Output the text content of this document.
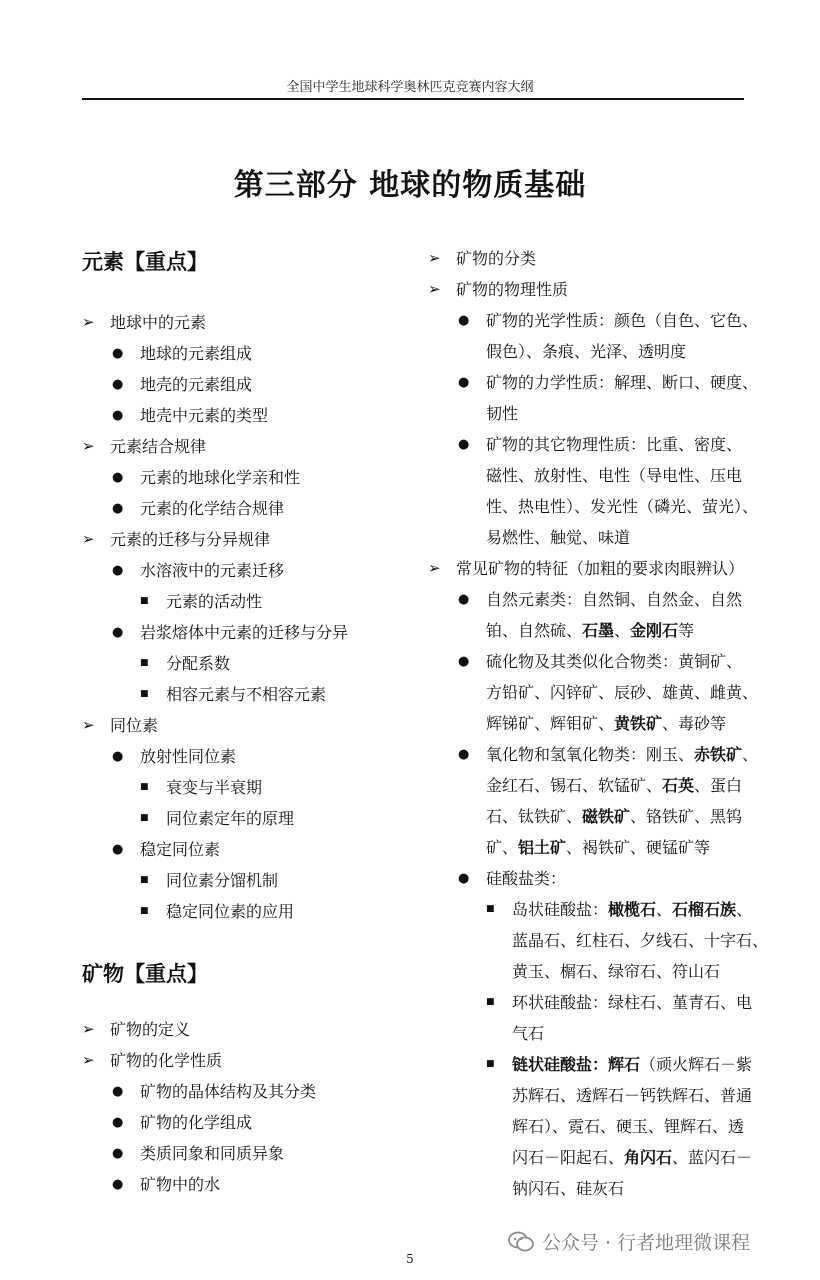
全国中学生地球科学奥林匹克竞赛内容大纲
第三部分 地球的物质基础
元素【重点】
矿物【重点】
➢ 地球中的元素
● 地球的元素组成
● 地壳的元素组成
● 地壳中元素的类型
➢ 元素结合规律
● 元素的地球化学亲和性
● 元素的化学结合规律
➢ 元素的迁移与分异规律
● 水溶液中的元素迁移
■ 元素的活动性
● 岩浆熔体中元素的迁移与分异
■ 分配系数
■ 相容元素与不相容元素
➢ 同位素
● 放射性同位素
■ 衰变与半衰期
■ 同位素定年的原理
● 稳定同位素
■ 同位素分馏机制
■ 稳定同位素的应用
➢ 矿物的定义
➢ 矿物的化学性质
● 矿物的晶体结构及其分类
● 矿物的化学组成
● 类质同象和同质异象
● 矿物中的水
➢ 矿物的分类
➢ 矿物的物理性质
● 矿物的光学性质：颜色（自色、它色、
假色）、条痕、光泽、透明度
● 矿物的力学性质：解理、断口、硬度、
韧性
● 矿物的其它物理性质：比重、密度、
磁性、放射性、电性（导电性、压电
性、热电性）、发光性（磷光、萤光）、
易燃性、触觉、味道
➢ 常见矿物的特征（加粗的要求肉眼辨认）
● 自然元素类：自然铜、自然金、自然
铂、自然硫、石墨、金刚石等
● 硫化物及其类似化合物类：黄铜矿、
方铅矿、闪锌矿、辰砂、雄黄、雌黄、
辉锑矿、辉钼矿、黄铁矿、毒砂等
● 氧化物和氢氧化物类：刚玉、赤铁矿、
金红石、锡石、软锰矿、石英、蛋白
石、钛铁矿、磁铁矿、铬铁矿、黑钨
矿、铝土矿、褐铁矿、硬锰矿等
● 硅酸盐类：
■ 岛状硅酸盐：橄榄石、石榴石族、
蓝晶石、红柱石、夕线石、十字石、
黄玉、榍石、绿帘石、符山石
■ 环状硅酸盐：绿柱石、堇青石、电
气石
■ 链状硅酸盐：辉石（顽火辉石－紫
苏辉石、透辉石－钙铁辉石、普通
辉石）、霓石、硬玉、锂辉石、透
闪石－阳起石、角闪石、蓝闪石－
钠闪石、硅灰石
公众号 · 行者地理微课程
5
